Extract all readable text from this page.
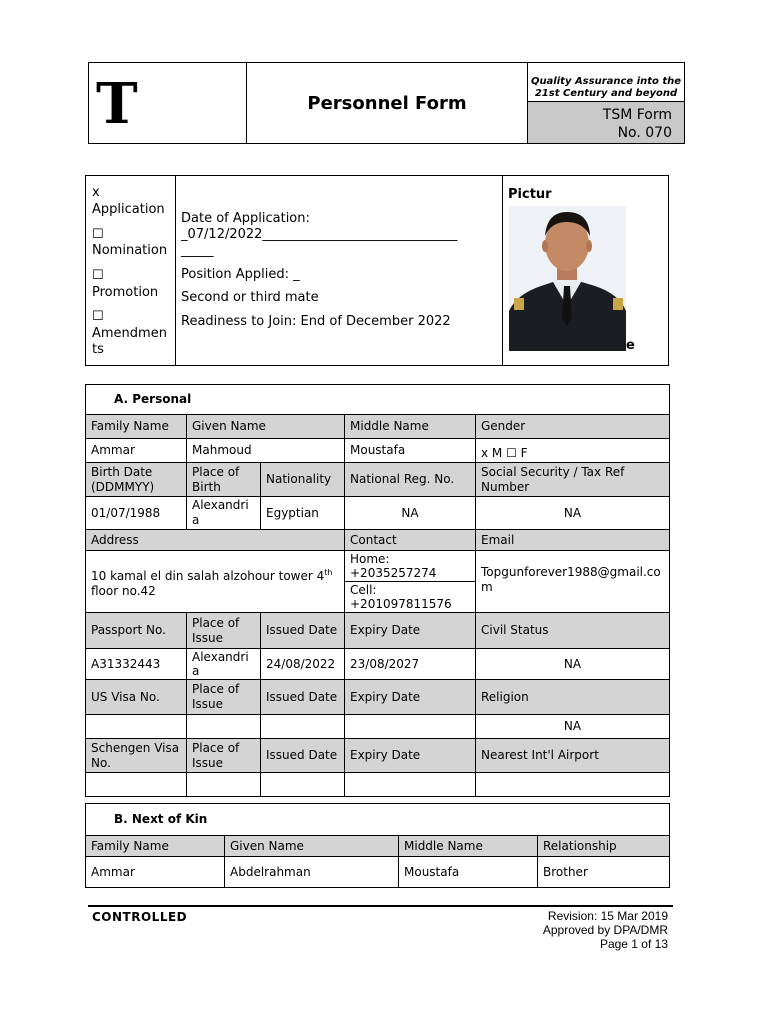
T	Personnel Form
Quality Assurance into the
21st Century and beyond
TSM Form
No. 070
x
Application
☐
Nomination
☐
Promotion
☐
Amendments
Date of Application:
_07/12/2022______________________________
_____
Position Applied: _
Second or third mate
Readiness to Join: End of December 2022
Pictur
e
A. Personal				
Family Name	Given Name		Middle Name	Gender
Ammar	Mahmoud		Moustafa	x M ☐ F
Birth Date (DDMMYY)	Place of Birth	Nationality	National Reg. No.	Social Security / Tax Ref Number
01/07/1988	Alexandria	Egyptian	NA	NA
Address			Contact	Email
10 kamal el din salah alzohour tower 4th floor no.42			Home: +2035257274	Topgunforever1988@gmail.com
			Cell: +201097811576	
Passport No.	Place of Issue	Issued Date	Expiry Date	Civil Status
A31332443	Alexandria	24/08/2022	23/08/2027	NA
US Visa No.	Place of Issue	Issued Date	Expiry Date	Religion
				NA
Schengen Visa No.	Place of Issue	Issued Date	Expiry Date	Nearest Int'l Airport

B. Next of Kin			
Family Name	Given Name	Middle Name	Relationship
Ammar	Abdelrahman	Moustafa	Brother
CONTROLLED	Revision: 15 Mar 2019
Approved by DPA/DMR
Page 1 of 13
